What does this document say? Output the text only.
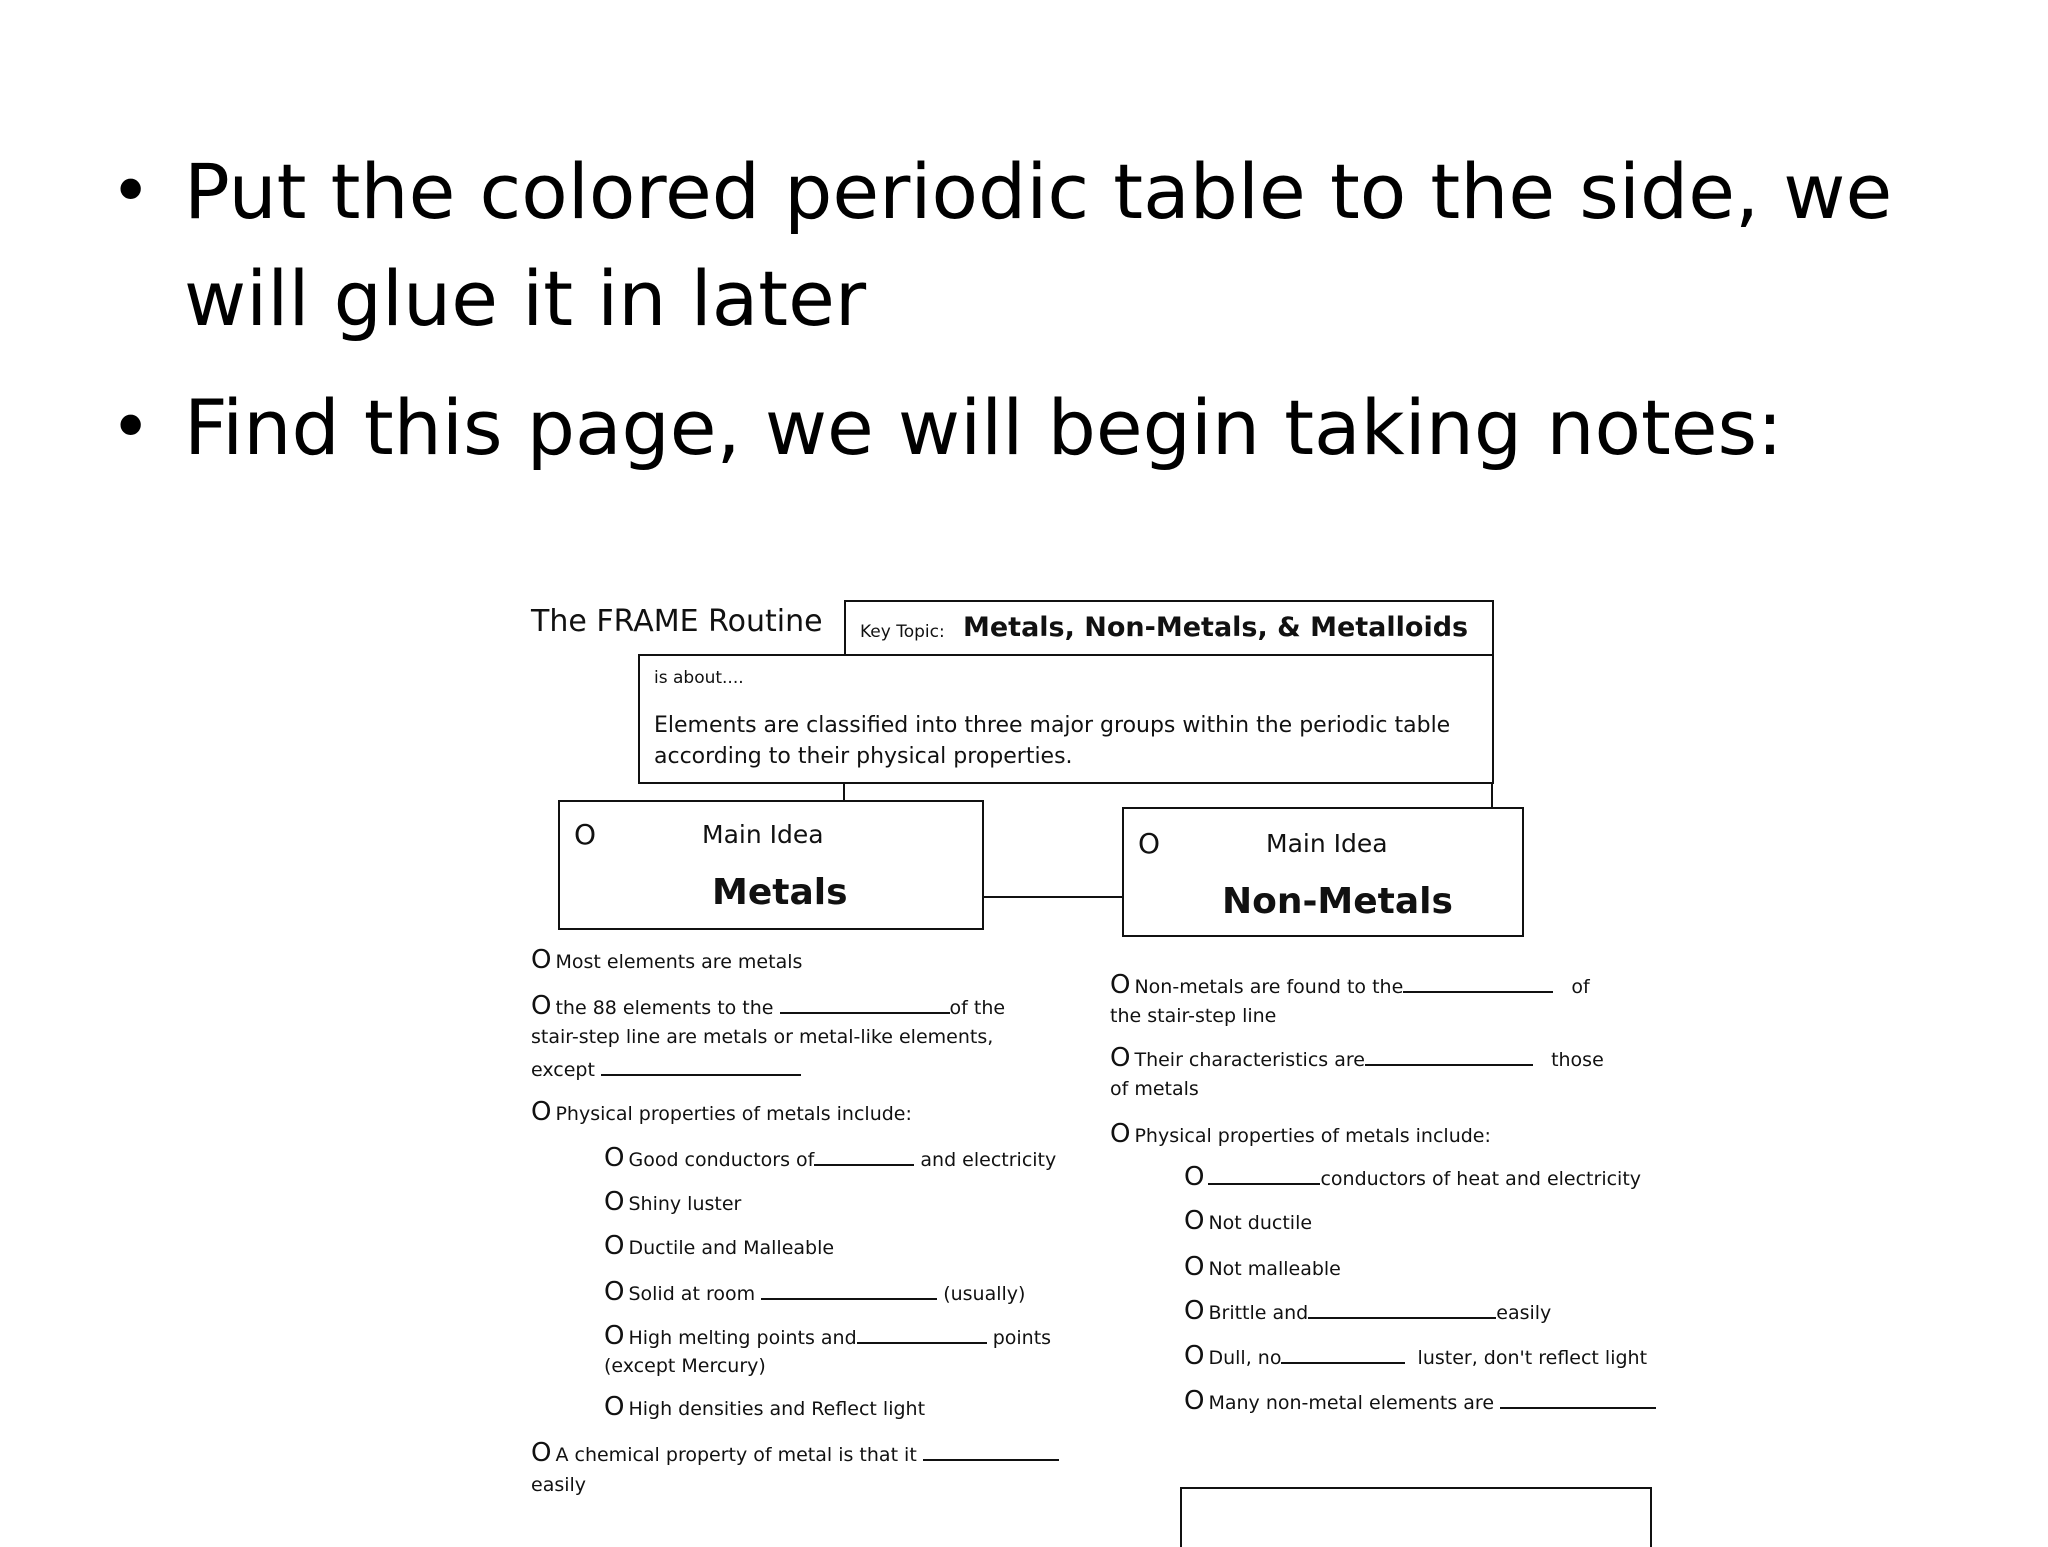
• Put the colored periodic table to the side, we will glue it in later
• Find this page, we will begin taking notes:
The FRAME Routine Key Topic: Metals, Non-Metals, & Metalloids
is about....
Elements are classified into three major groups within the periodic table
according to their physical properties.
O	Main Idea
Metals
O	Main Idea
Non-Metals
O Most elements are metals
O the 88 elements to the	of the
stair-step line are metals or metal-like elements,
except
O Physical properties of metals include:
O Good conductors of	and electricity
O Shiny luster
O Ductile and Malleable
O Solid at room	(usually)
O High melting points and	points
(except Mercury)
O High densities and Reflect light
O A chemical property of metal is that it
easily
O Non-metals are found to the	of
the stair-step line
O Their characteristics are	those
of metals
O Physical properties of metals include:
O	conductors of heat and electricity
O Not ductile
O Not malleable
O Brittle and	easily
O Dull, no	luster, don't reflect light
O Many non-metal elements are
